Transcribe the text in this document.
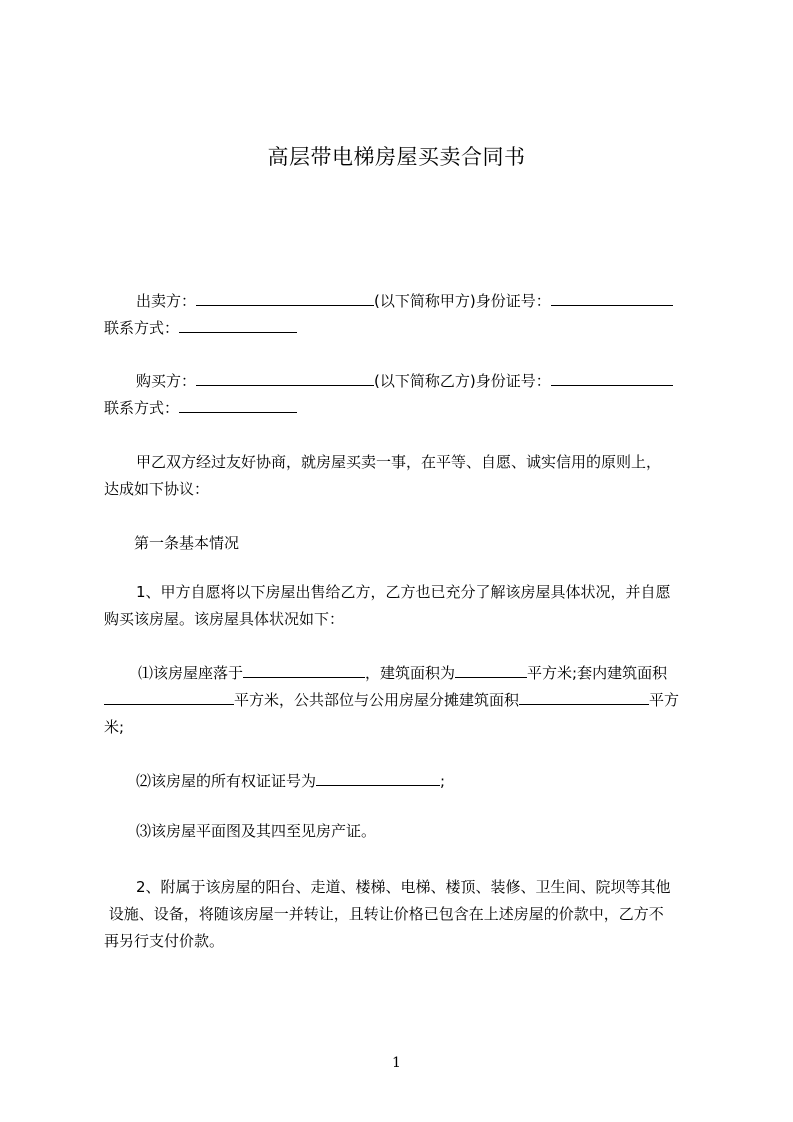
高层带电梯房屋买卖合同书
出卖方：	(以下简称甲方)身份证号：
联系方式：
购买方：	(以下简称乙方)身份证号：
联系方式：
甲乙双方经过友好协商，就房屋买卖一事，在平等、自愿、诚实信用的原则上，
达成如下协议：
第一条基本情况
1、甲方自愿将以下房屋出售给乙方，乙方也已充分了解该房屋具体状况，并自愿
购买该房屋。该房屋具体状况如下：
⑴该房屋座落于	，建筑面积为	平方米;套内建筑面积
平方米，公共部位与公用房屋分摊建筑面积	平方
米;
⑵该房屋的所有权证证号为	;
⑶该房屋平面图及其四至见房产证。
2、附属于该房屋的阳台、走道、楼梯、电梯、楼顶、装修、卫生间、院坝等其他
设施、设备，将随该房屋一并转让，且转让价格已包含在上述房屋的价款中，乙方不
再另行支付价款。
1
